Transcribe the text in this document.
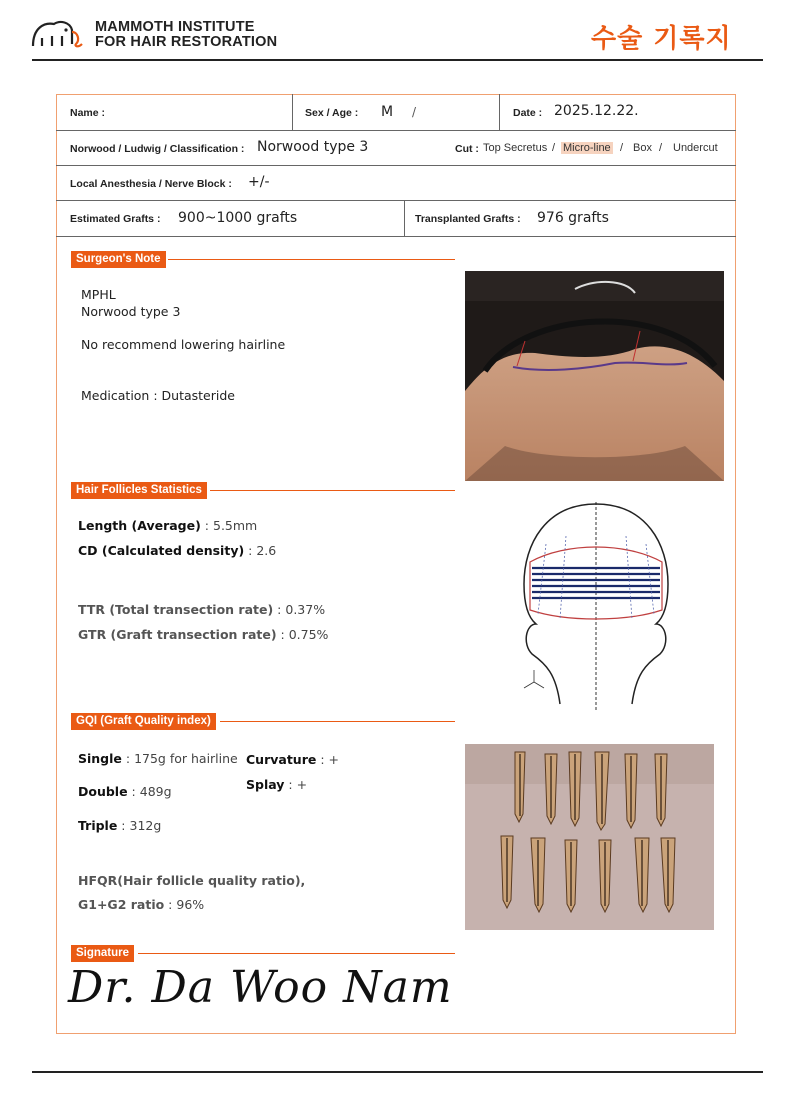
MAMMOTH INSTITUTE
FOR HAIR RESTORATION	수술 기록지
Name :	Sex / Age : M /	Date : 2025.12.22.
Norwood / Ludwig / Classification : Norwood type 3	Cut : Top Secretus / Micro-line / Box / Undercut
Local Anesthesia / Nerve Block : +/-
Estimated Grafts : 900~1000 grafts	Transplanted Grafts : 976 grafts
Surgeon's Note
MPHL
Norwood type 3
No recommend lowering hairline
Medication : Dutasteride
Hair Follicles Statistics
Length (Average) : 5.5mm
CD (Calculated density) : 2.6
TTR (Total transection rate) : 0.37%
GTR (Graft transection rate) : 0.75%
GQI (Graft Quality index)
Single : 175g for hairline
Double : 489g
Triple : 312g
Curvature : +
Splay : +
HFQR(Hair follicle quality ratio),
G1+G2 ratio : 96%
Signature
Dr. Da Woo Nam
